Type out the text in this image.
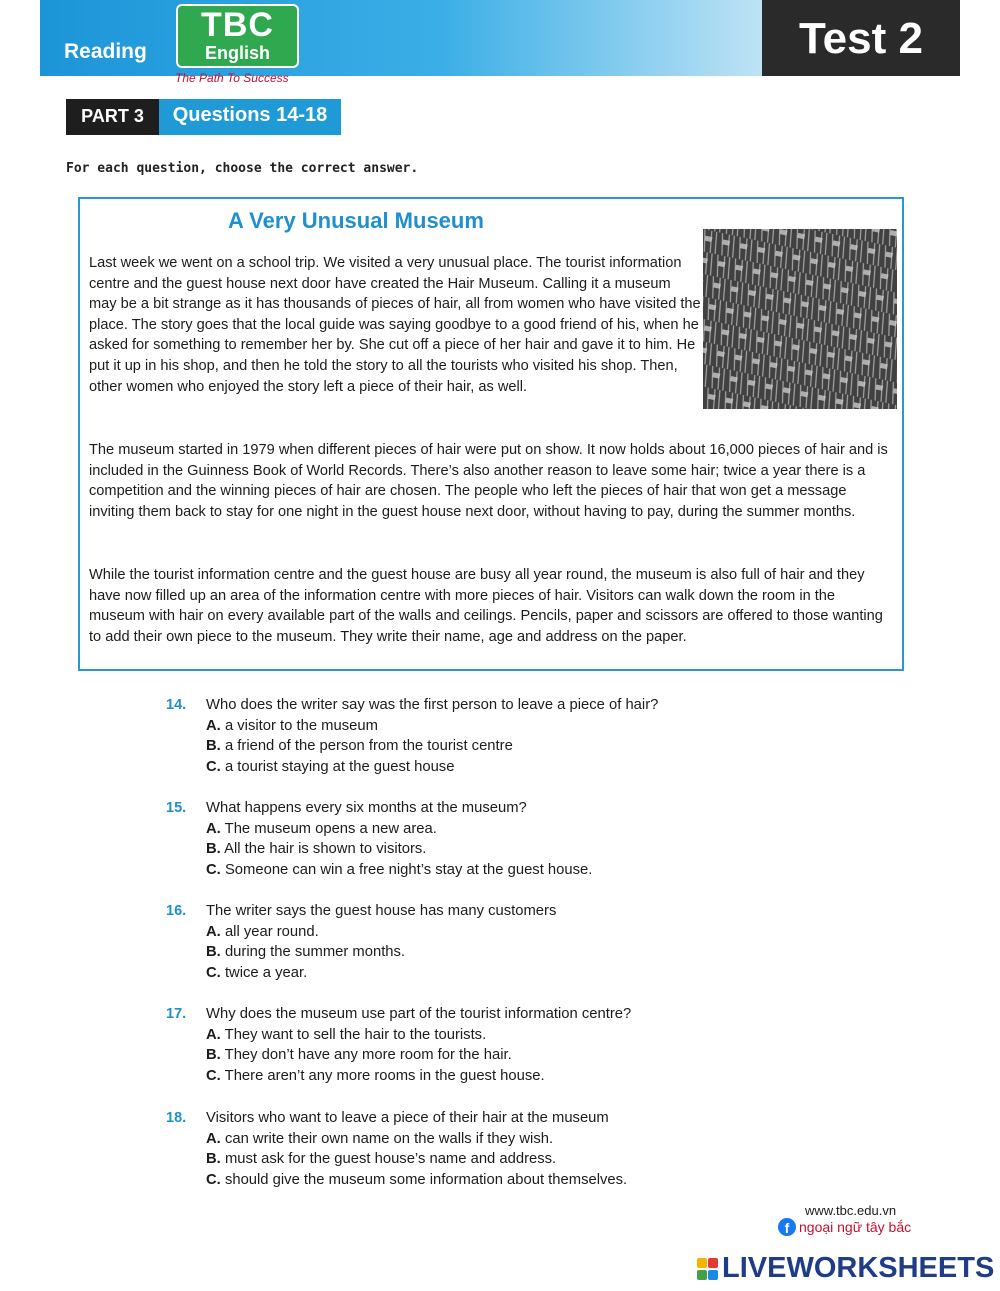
Reading
TBC
English
The Path To Success
Test 2
PART 3	Questions 14-18
For each question, choose the correct answer.
A Very Unusual Museum

Last week we went on a school trip. We visited a very unusual place. The tourist information centre and the guest house next door have created the Hair Museum. Calling it a museum may be a bit strange as it has thousands of pieces of hair, all from women who have visited the place. The story goes that the local guide was saying goodbye to a good friend of his, when he asked for something to remember her by. She cut off a piece of her hair and gave it to him. He put it up in his shop, and then he told the story to all the tourists who visited his shop. Then, other women who enjoyed the story left a piece of their hair, as well.

The museum started in 1979 when different pieces of hair were put on show. It now holds about 16,000 pieces of hair and is included in the Guinness Book of World Records. There’s also another reason to leave some hair; twice a year there is a competition and the winning pieces of hair are chosen. The people who left the pieces of hair that won get a message inviting them back to stay for one night in the guest house next door, without having to pay, during the summer months.

While the tourist information centre and the guest house are busy all year round, the museum is also full of hair and they have now filled up an area of the information centre with more pieces of hair. Visitors can walk down the room in the museum with hair on every available part of the walls and ceilings. Pencils, paper and scissors are offered to those wanting to add their own piece to the museum. They write their name, age and address on the paper.

14. Who does the writer say was the first person to leave a piece of hair?
A. a visitor to the museum
B. a friend of the person from the tourist centre
C. a tourist staying at the guest house
15. What happens every six months at the museum?
A. The museum opens a new area.
B. All the hair is shown to visitors.
C. Someone can win a free night’s stay at the guest house.
16. The writer says the guest house has many customers
A. all year round.
B. during the summer months.
C. twice a year.
17. Why does the museum use part of the tourist information centre?
A. They want to sell the hair to the tourists.
B. They don’t have any more room for the hair.
C. There aren’t any more rooms in the guest house.
18. Visitors who want to leave a piece of their hair at the museum
A. can write their own name on the walls if they wish.
B. must ask for the guest house’s name and address.
C. should give the museum some information about themselves.
www.tbc.edu.vn
f ngoại ngữ tây bắc
LIVEWORKSHEETS
